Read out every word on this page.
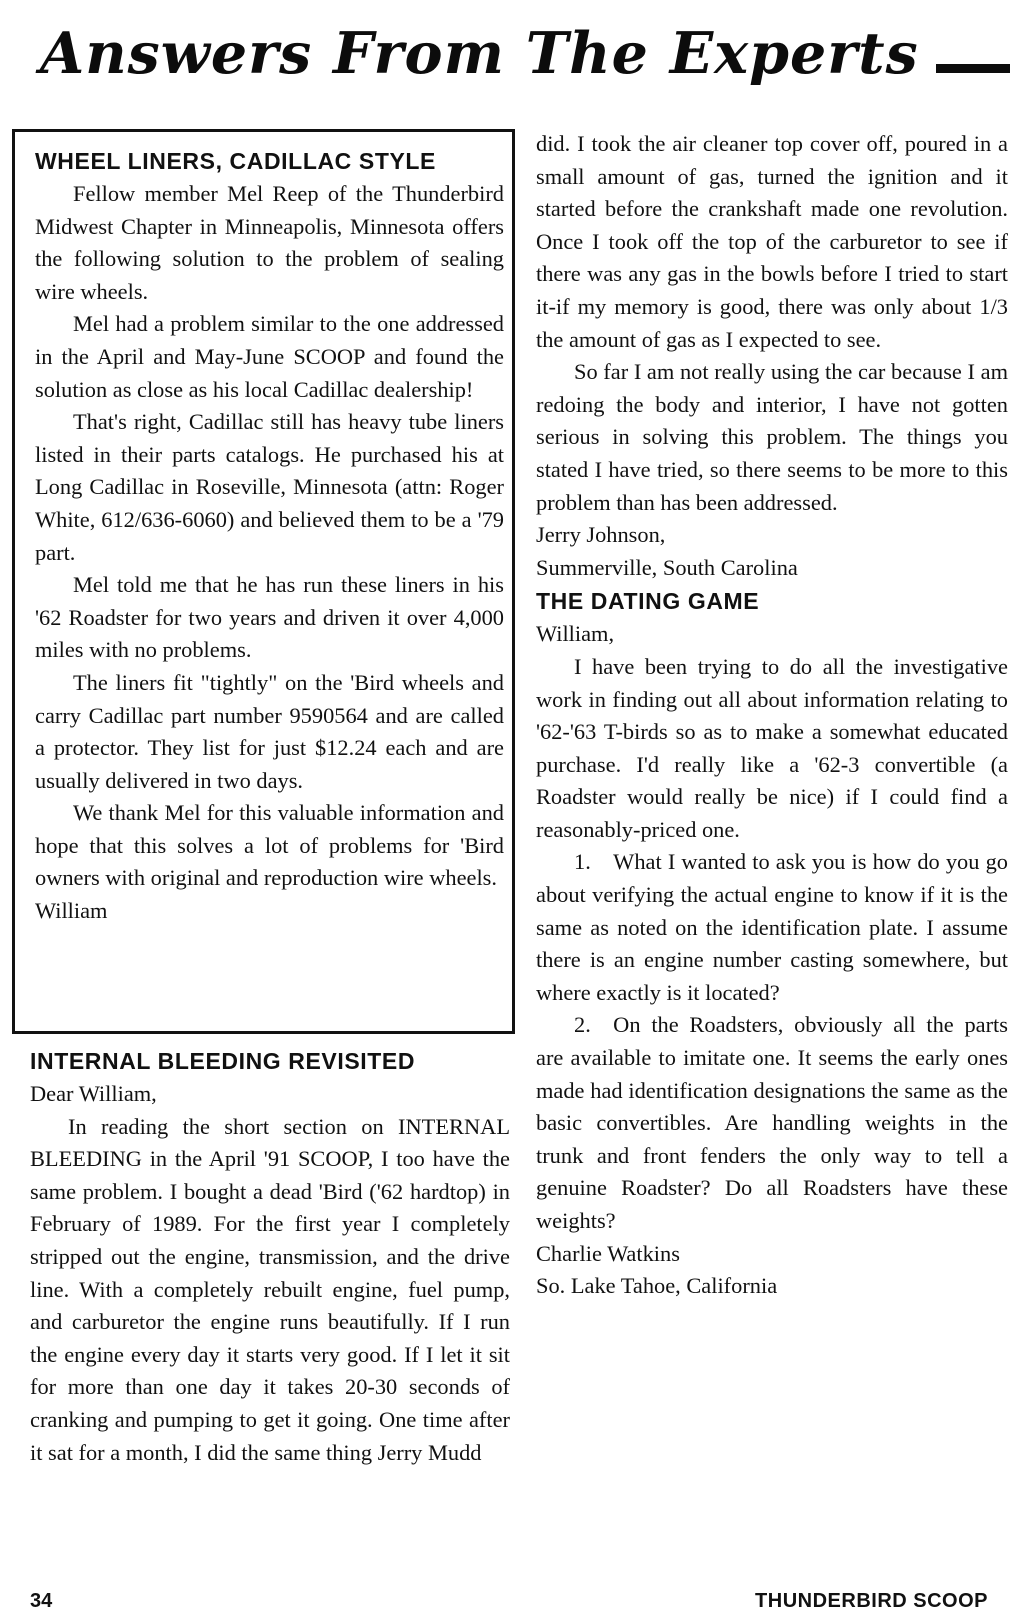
Answers From The Experts
WHEEL LINERS, CADILLAC STYLE

Fellow member Mel Reep of the Thunderbird Midwest Chapter in Minneapolis, Minnesota offers the following solution to the problem of sealing wire wheels.

Mel had a problem similar to the one addressed in the April and May-June SCOOP and found the solution as close as his local Cadillac dealership!

That's right, Cadillac still has heavy tube liners listed in their parts catalogs. He purchased his at Long Cadillac in Roseville, Minnesota (attn: Roger White, 612/636-6060) and believed them to be a '79 part.

Mel told me that he has run these liners in his '62 Roadster for two years and driven it over 4,000 miles with no problems.

The liners fit "tightly" on the 'Bird wheels and carry Cadillac part number 9590564 and are called a protector. They list for just $12.24 each and are usually delivered in two days.

We thank Mel for this valuable information and hope that this solves a lot of problems for 'Bird owners with original and reproduction wire wheels.

William

INTERNAL BLEEDING REVISITED

Dear William,

In reading the short section on INTERNAL BLEEDING in the April '91 SCOOP, I too have the same problem. I bought a dead 'Bird ('62 hardtop) in February of 1989. For the first year I completely stripped out the engine, transmission, and the drive line. With a completely rebuilt engine, fuel pump, and carburetor the engine runs beautifully. If I run the engine every day it starts very good. If I let it sit for more than one day it takes 20-30 seconds of cranking and pumping to get it going. One time after it sat for a month, I did the same thing Jerry Mudd

did. I took the air cleaner top cover off, poured in a small amount of gas, turned the ignition and it started before the crankshaft made one revolution. Once I took off the top of the carburetor to see if there was any gas in the bowls before I tried to start it-if my memory is good, there was only about 1/3 the amount of gas as I expected to see.

So far I am not really using the car because I am redoing the body and interior, I have not gotten serious in solving this problem. The things you stated I have tried, so there seems to be more to this problem than has been addressed.

Jerry Johnson,

Summerville, South Carolina

THE DATING GAME

William,

I have been trying to do all the investigative work in finding out all about information relating to '62-'63 T-birds so as to make a somewhat educated purchase. I'd really like a '62-3 convertible (a Roadster would really be nice) if I could find a reasonably-priced one.

1. What I wanted to ask you is how do you go about verifying the actual engine to know if it is the same as noted on the identification plate. I assume there is an engine number casting somewhere, but where exactly is it located?

2. On the Roadsters, obviously all the parts are available to imitate one. It seems the early ones made had identification designations the same as the basic convertibles. Are handling weights in the trunk and front fenders the only way to tell a genuine Roadster? Do all Roadsters have these weights?

Charlie Watkins

So. Lake Tahoe, California

34	THUNDERBIRD SCOOP
